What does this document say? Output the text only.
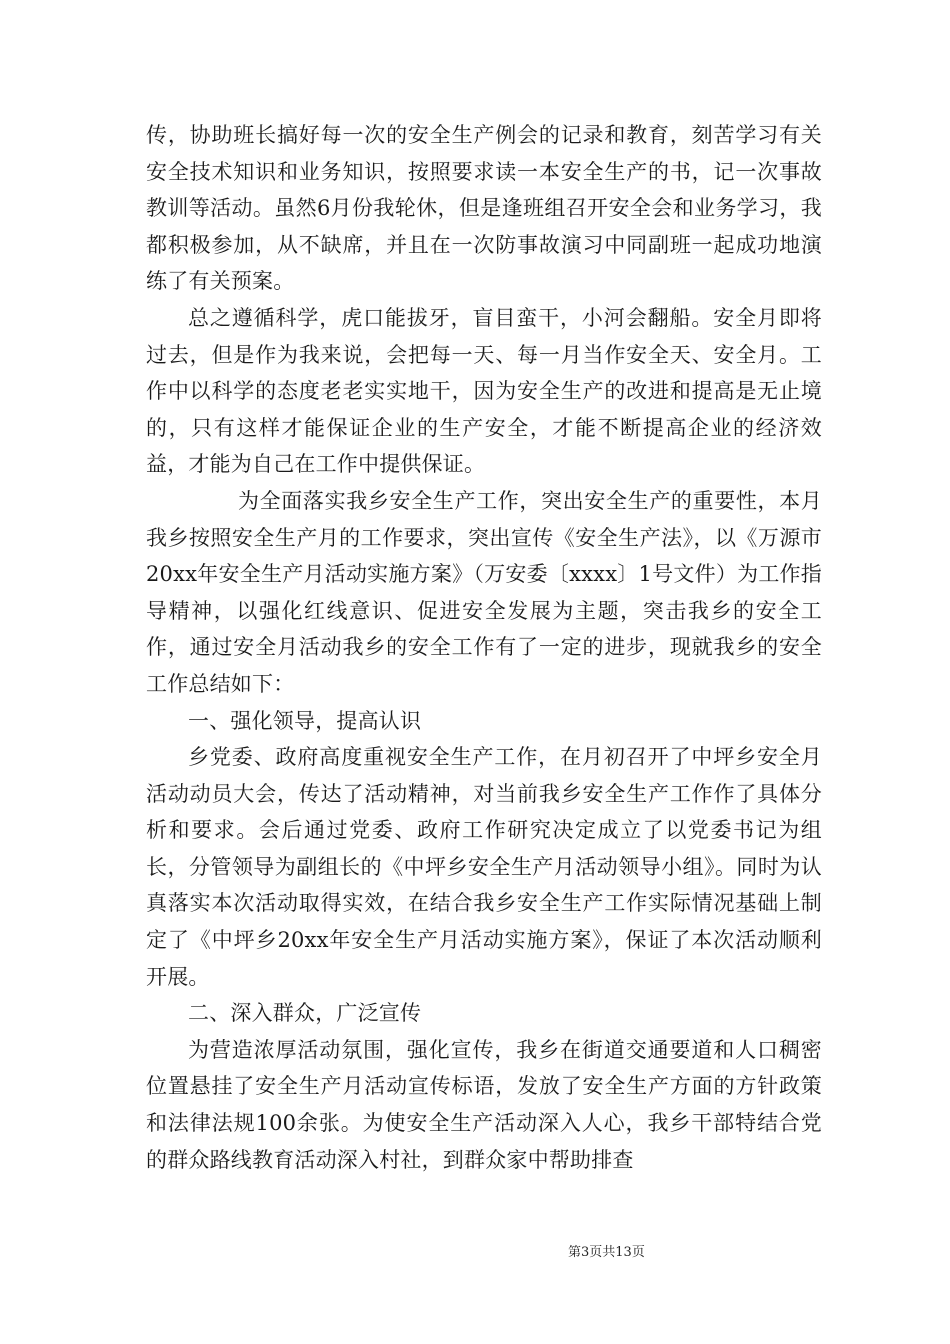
传，协助班长搞好每一次的安全生产例会的记录和教育，刻苦学习有关安全技术知识和业务知识，按照要求读一本安全生产的书，记一次事故教训等活动。虽然6月份我轮休，但是逢班组召开安全会和业务学习，我都积极参加，从不缺席，并且在一次防事故演习中同副班一起成功地演练了有关预案。

总之遵循科学，虎口能拔牙，盲目蛮干，小河会翻船。安全月即将过去，但是作为我来说，会把每一天、每一月当作安全天、安全月。工作中以科学的态度老老实实地干，因为安全生产的改进和提高是无止境的，只有这样才能保证企业的生产安全，才能不断提高企业的经济效益，才能为自己在工作中提供保证。

为全面落实我乡安全生产工作，突出安全生产的重要性，本月我乡按照安全生产月的工作要求，突出宣传《安全生产法》，以《万源市20xx年安全生产月活动实施方案》（万安委〔xxxx〕1号文件）为工作指导精神，以强化红线意识、促进安全发展为主题，突击我乡的安全工作，通过安全月活动我乡的安全工作有了一定的进步，现就我乡的安全工作总结如下：

一、强化领导，提高认识

乡党委、政府高度重视安全生产工作，在月初召开了中坪乡安全月活动动员大会，传达了活动精神，对当前我乡安全生产工作作了具体分析和要求。会后通过党委、政府工作研究决定成立了以党委书记为组长，分管领导为副组长的《中坪乡安全生产月活动领导小组》。同时为认真落实本次活动取得实效，在结合我乡安全生产工作实际情况基础上制定了《中坪乡20xx年安全生产月活动实施方案》，保证了本次活动顺利开展。

二、深入群众，广泛宣传

为营造浓厚活动氛围，强化宣传，我乡在街道交通要道和人口稠密位置悬挂了安全生产月活动宣传标语，发放了安全生产方面的方针政策和法律法规100余张。为使安全生产活动深入人心，我乡干部特结合党的群众路线教育活动深入村社，到群众家中帮助排查

第3页共13页
